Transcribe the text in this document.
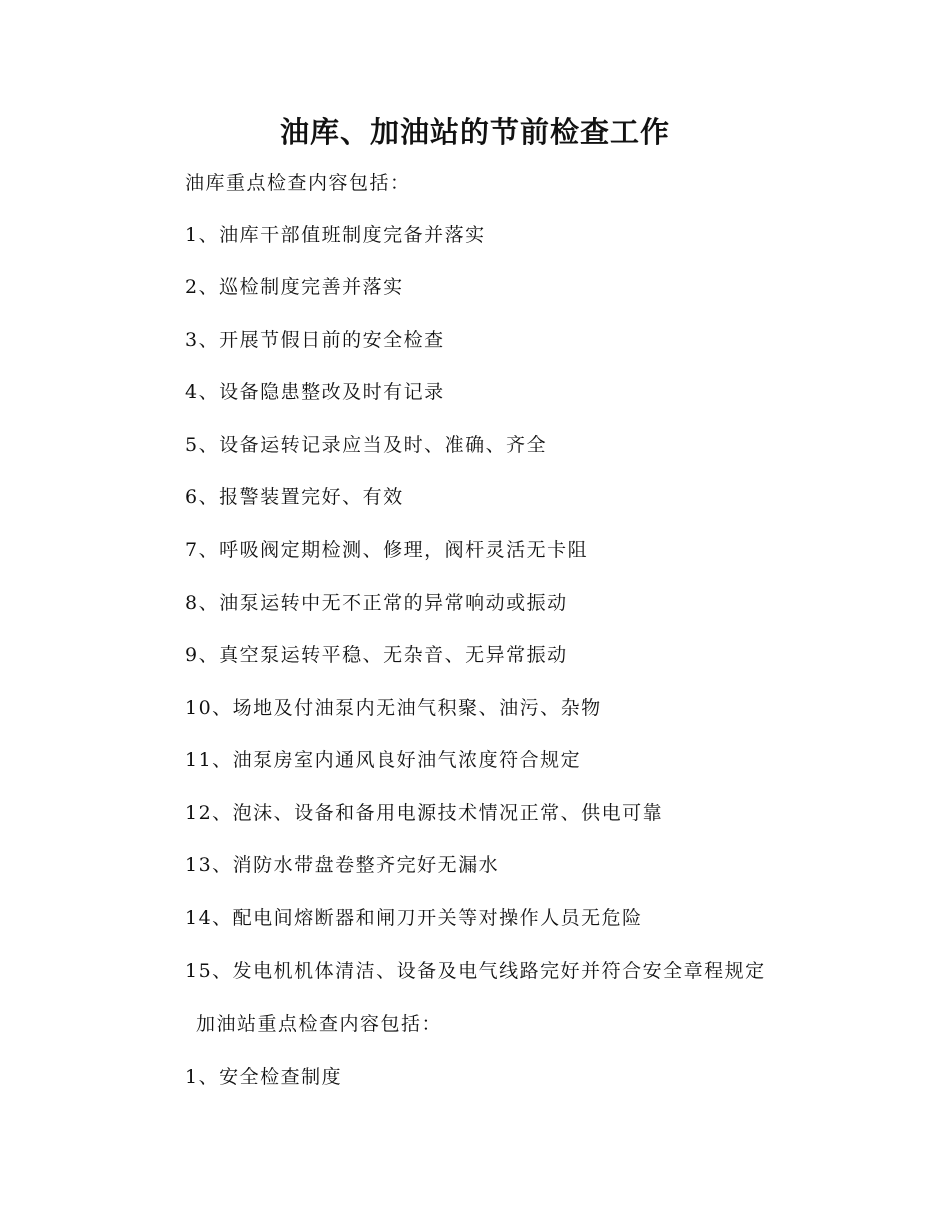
油库、加油站的节前检查工作
油库重点检查内容包括：
1、油库干部值班制度完备并落实
2、巡检制度完善并落实
3、开展节假日前的安全检查
4、设备隐患整改及时有记录
5、设备运转记录应当及时、准确、齐全
6、报警装置完好、有效
7、呼吸阀定期检测、修理，阀杆灵活无卡阻
8、油泵运转中无不正常的异常响动或振动
9、真空泵运转平稳、无杂音、无异常振动
10、场地及付油泵内无油气积聚、油污、杂物
11、油泵房室内通风良好油气浓度符合规定
12、泡沫、设备和备用电源技术情况正常、供电可靠
13、消防水带盘卷整齐完好无漏水
14、配电间熔断器和闸刀开关等对操作人员无危险
15、发电机机体清洁、设备及电气线路完好并符合安全章程规定
加油站重点检查内容包括：
1、安全检查制度
